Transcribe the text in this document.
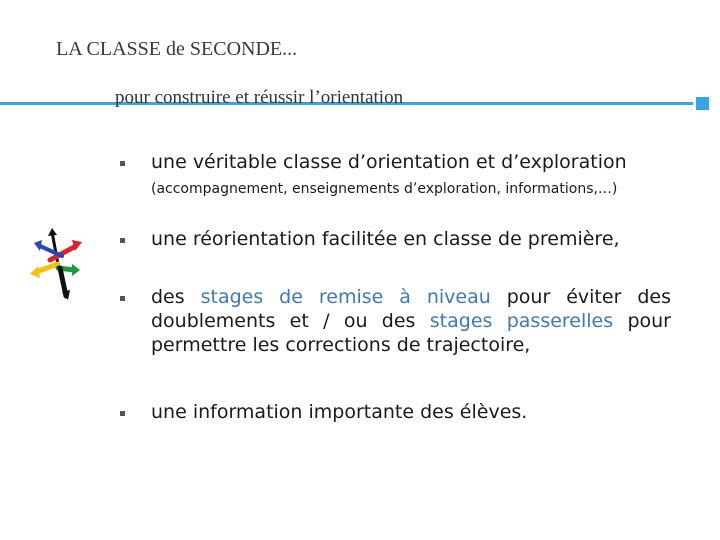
LA CLASSE de SECONDE...
pour construire et réussir l’orientation
une véritable classe d’orientation et d’exploration
(accompagnement, enseignements d’exploration, informations,…)
une réorientation facilitée en classe de première,
des stages de remise à niveau pour éviter des doublements et / ou des stages passerelles pour permettre les corrections de trajectoire,
une information importante des élèves.
